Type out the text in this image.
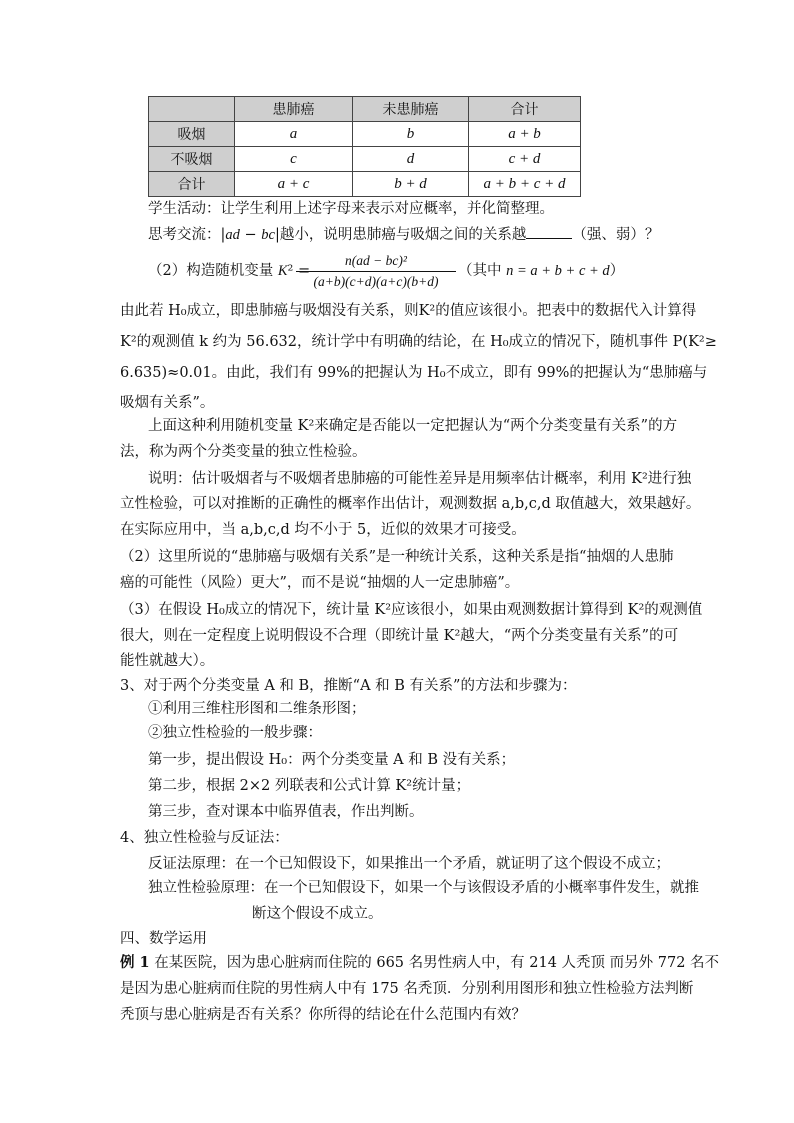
	患肺癌	未患肺癌	合计
吸烟	a	b	a + b
不吸烟	c	d	c + d
合计	a + c	b + d	a + b + c + d
学生活动：让学生利用上述字母来表示对应概率，并化简整理。
思考交流：|ad − bc|越小，说明患肺癌与吸烟之间的关系越	（强、弱）？
（2）构造随机变量 K² =
n(ad − bc)²
(a+b)(c+d)(a+c)(b+d)
（其中 n = a + b + c + d）
由此若 H₀成立，即患肺癌与吸烟没有关系，则K²的值应该很小。把表中的数据代入计算得
K²的观测值 k 约为 56.632，统计学中有明确的结论，在 H₀成立的情况下，随机事件 P(K²≥
6.635)≈0.01。由此，我们有 99%的把握认为 H₀不成立，即有 99%的把握认为“患肺癌与
吸烟有关系”。
上面这种利用随机变量 K²来确定是否能以一定把握认为“两个分类变量有关系”的方
法，称为两个分类变量的独立性检验。
说明：估计吸烟者与不吸烟者患肺癌的可能性差异是用频率估计概率，利用 K²进行独
立性检验，可以对推断的正确性的概率作出估计，观测数据 a,b,c,d 取值越大，效果越好。
在实际应用中，当 a,b,c,d 均不小于 5，近似的效果才可接受。
（2）这里所说的“患肺癌与吸烟有关系”是一种统计关系，这种关系是指“抽烟的人患肺
癌的可能性（风险）更大”，而不是说“抽烟的人一定患肺癌”。
（3）在假设 H₀成立的情况下，统计量 K²应该很小，如果由观测数据计算得到 K²的观测值
很大，则在一定程度上说明假设不合理（即统计量 K²越大，“两个分类变量有关系”的可
能性就越大）。
3、对于两个分类变量 A 和 B，推断“A 和 B 有关系”的方法和步骤为：
①利用三维柱形图和二维条形图；
②独立性检验的一般步骤：
第一步，提出假设 H₀：两个分类变量 A 和 B 没有关系；
第二步，根据 2×2 列联表和公式计算 K²统计量；
第三步，查对课本中临界值表，作出判断。
4、独立性检验与反证法：
反证法原理：在一个已知假设下，如果推出一个矛盾，就证明了这个假设不成立；
独立性检验原理：在一个已知假设下，如果一个与该假设矛盾的小概率事件发生，就推
断这个假设不成立。
四、数学运用
例 1 在某医院，因为患心脏病而住院的 665 名男性病人中，有 214 人秃顶 而另外 772 名不
是因为患心脏病而住院的男性病人中有 175 名秃顶．分别利用图形和独立性检验方法判断
秃顶与患心脏病是否有关系？你所得的结论在什么范围内有效？
